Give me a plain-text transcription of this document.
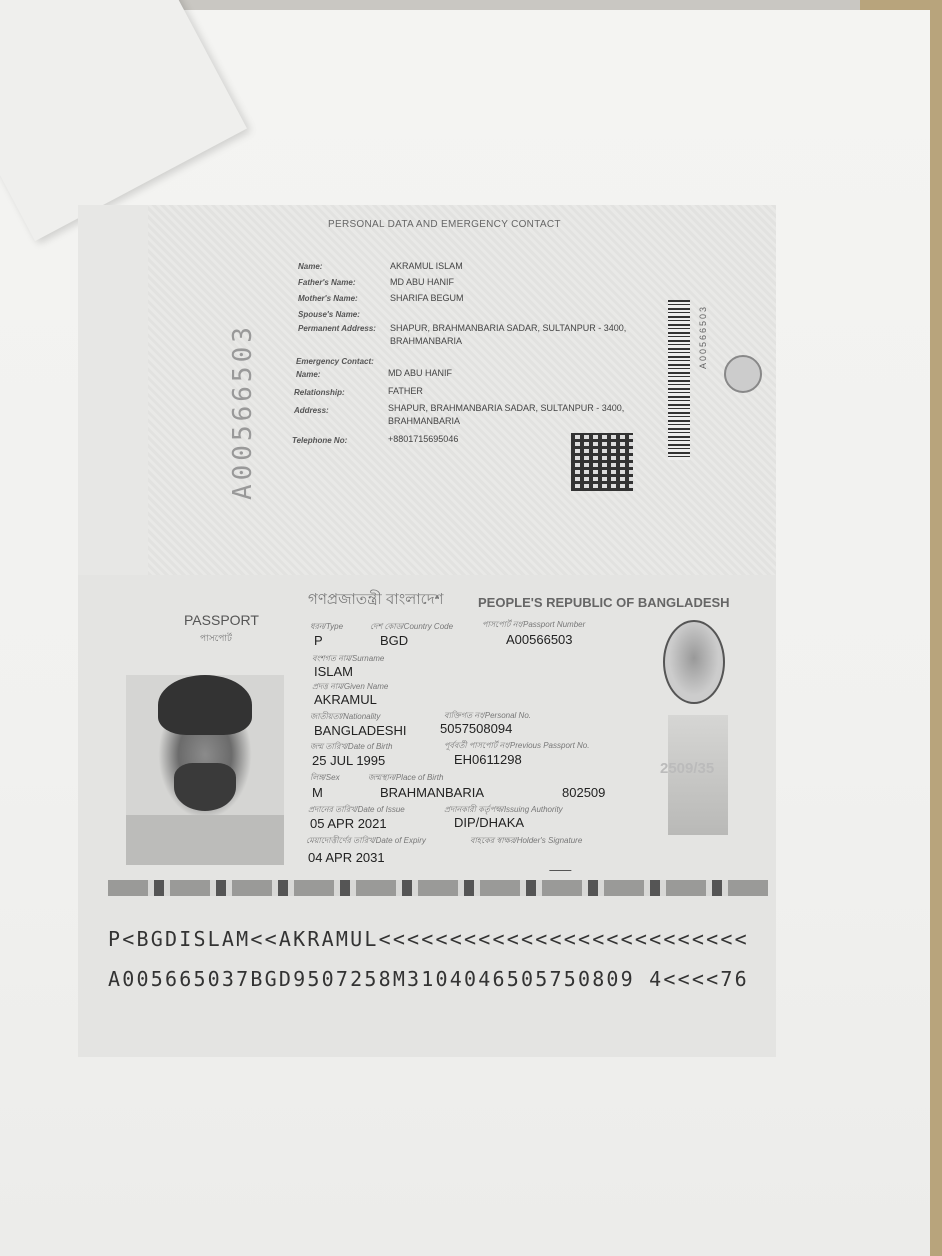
PERSONAL DATA AND EMERGENCY CONTACT
A00566503
Name:	AKRAMUL ISLAM
Father's Name:	MD ABU HANIF
Mother's Name:	SHARIFA BEGUM
Spouse's Name:
Permanent Address: SHAPUR, BRAHMANBARIA SADAR, SULTANPUR - 3400,
BRAHMANBARIA
Emergency Contact:
Name:	MD ABU HANIF
Relationship:	FATHER
Address:	SHAPUR, BRAHMANBARIA SADAR, SULTANPUR - 3400,
BRAHMANBARIA
Telephone No:	+8801715695046
A00566503
PASSPORT
পাসপোর্ট
গণপ্রজাতন্ত্রী বাংলাদেশ	PEOPLE'S REPUBLIC OF BANGLADESH
ধরন/Type	দেশ কোড/Country Code	পাসপোর্ট নং/Passport Number
P	BGD	A00566503
বংশগত নাম/Surname
ISLAM
প্রদত্ত নাম/Given Name
AKRAMUL
জাতীয়তা/Nationality	ব্যক্তিগত নং/Personal No.
BANGLADESHI	5057508094
জন্ম তারিখ/Date of Birth	পূর্ববর্তী পাসপোর্ট নং/Previous Passport No.
25 JUL 1995	EH0611298
লিঙ্গ/Sex	জন্মস্থান/Place of Birth
M	BRAHMANBARIA	802509
প্রদানের তারিখ/Date of Issue	প্রদানকারী কর্তৃপক্ষ/Issuing Authority
05 APR 2021	DIP/DHAKA
মেয়াদোত্তীর্ণের তারিখ/Date of Expiry	বাহকের স্বাক্ষর/Holder's Signature
04 APR 2031
2509/35
P<BGDISLAM<<AKRAMUL<<<<<<<<<<<<<<<<<<<<<<<<<<
A005665037BGD9507258M3104046505750809 4<<<<76
